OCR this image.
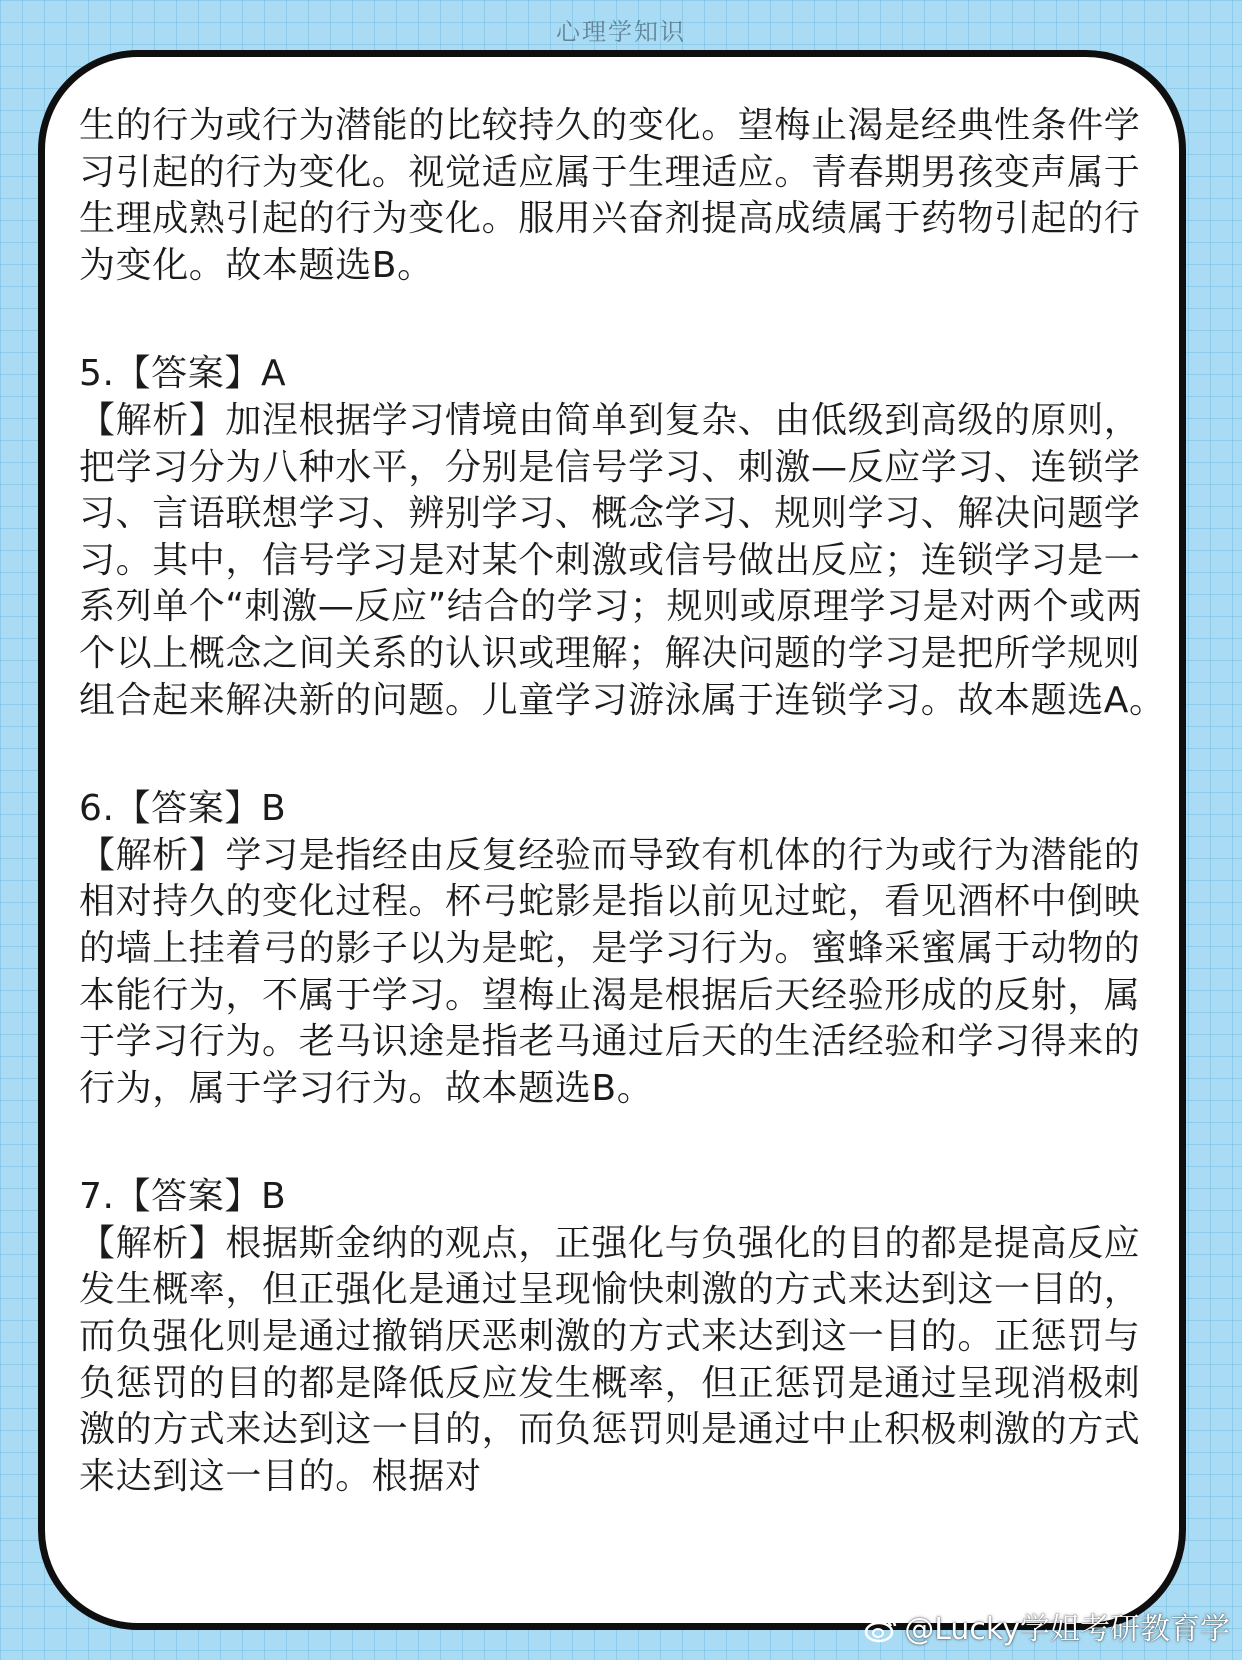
心理学知识

生的行为或行为潜能的比较持久的变化。望梅止渴是经典性条件学习引起的行为变化。视觉适应属于生理适应。青春期男孩变声属于生理成熟引起的行为变化。服用兴奋剂提高成绩属于药物引起的行为变化。故本题选B。

5.【答案】A

【解析】加涅根据学习情境由简单到复杂、由低级到高级的原则，把学习分为八种水平，分别是信号学习、刺激—反应学习、连锁学习、言语联想学习、辨别学习、概念学习、规则学习、解决问题学习。其中，信号学习是对某个刺激或信号做出反应；连锁学习是一系列单个“刺激—反应”结合的学习；规则或原理学习是对两个或两个以上概念之间关系的认识或理解；解决问题的学习是把所学规则组合起来解决新的问题。儿童学习游泳属于连锁学习。故本题选A。

6.【答案】B

【解析】学习是指经由反复经验而导致有机体的行为或行为潜能的相对持久的变化过程。杯弓蛇影是指以前见过蛇，看见酒杯中倒映的墙上挂着弓的影子以为是蛇，是学习行为。蜜蜂采蜜属于动物的本能行为，不属于学习。望梅止渴是根据后天经验形成的反射，属于学习行为。老马识途是指老马通过后天的生活经验和学习得来的行为，属于学习行为。故本题选B。

7.【答案】B

【解析】根据斯金纳的观点，正强化与负强化的目的都是提高反应发生概率，但正强化是通过呈现愉快刺激的方式来达到这一目的，而负强化则是通过撤销厌恶刺激的方式来达到这一目的。正惩罚与负惩罚的目的都是降低反应发生概率，但正惩罚是通过呈现消极刺激的方式来达到这一目的，而负惩罚则是通过中止积极刺激的方式来达到这一目的。根据对

@Lucky学姐考研教育学
